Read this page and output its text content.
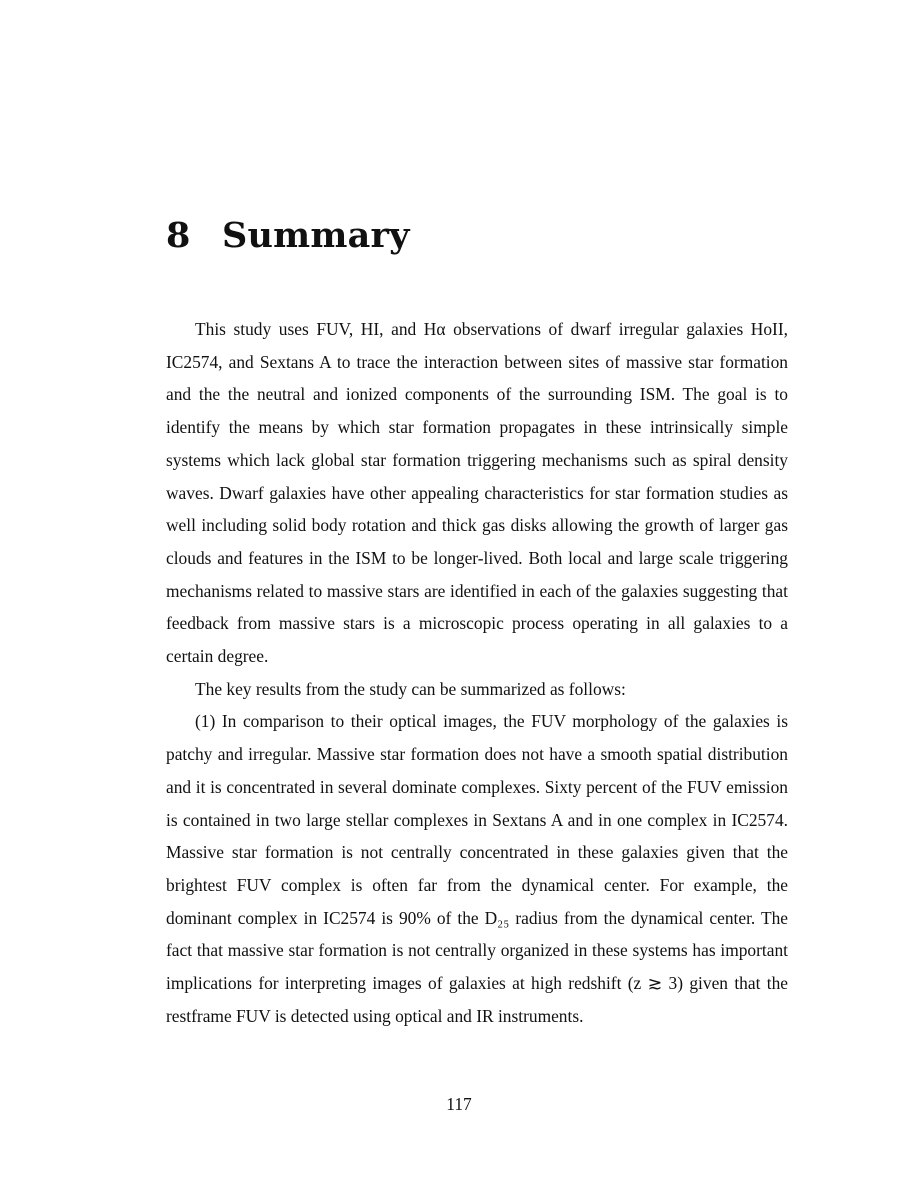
8 Summary

This study uses FUV, HI, and Hα observations of dwarf irregular galaxies HoII, IC2574, and Sextans A to trace the interaction between sites of massive star formation and the the neutral and ionized components of the surrounding ISM. The goal is to identify the means by which star formation propagates in these intrinsically simple systems which lack global star formation triggering mechanisms such as spiral density waves. Dwarf galaxies have other appealing characteristics for star formation studies as well including solid body rotation and thick gas disks allowing the growth of larger gas clouds and features in the ISM to be longer-lived. Both local and large scale triggering mechanisms related to massive stars are identified in each of the galaxies suggesting that feedback from massive stars is a microscopic process operating in all galaxies to a certain degree.

The key results from the study can be summarized as follows:

(1) In comparison to their optical images, the FUV morphology of the galaxies is patchy and irregular. Massive star formation does not have a smooth spatial distribution and it is concentrated in several dominate complexes. Sixty percent of the FUV emission is contained in two large stellar complexes in Sextans A and in one complex in IC2574. Massive star formation is not centrally concentrated in these galaxies given that the brightest FUV complex is often far from the dynamical center. For example, the dominant complex in IC2574 is 90% of the D₂₅ radius from the dynamical center. The fact that massive star formation is not centrally organized in these systems has important implications for interpreting images of galaxies at high redshift (z ≳ 3) given that the restframe FUV is detected using optical and IR instruments.

117
